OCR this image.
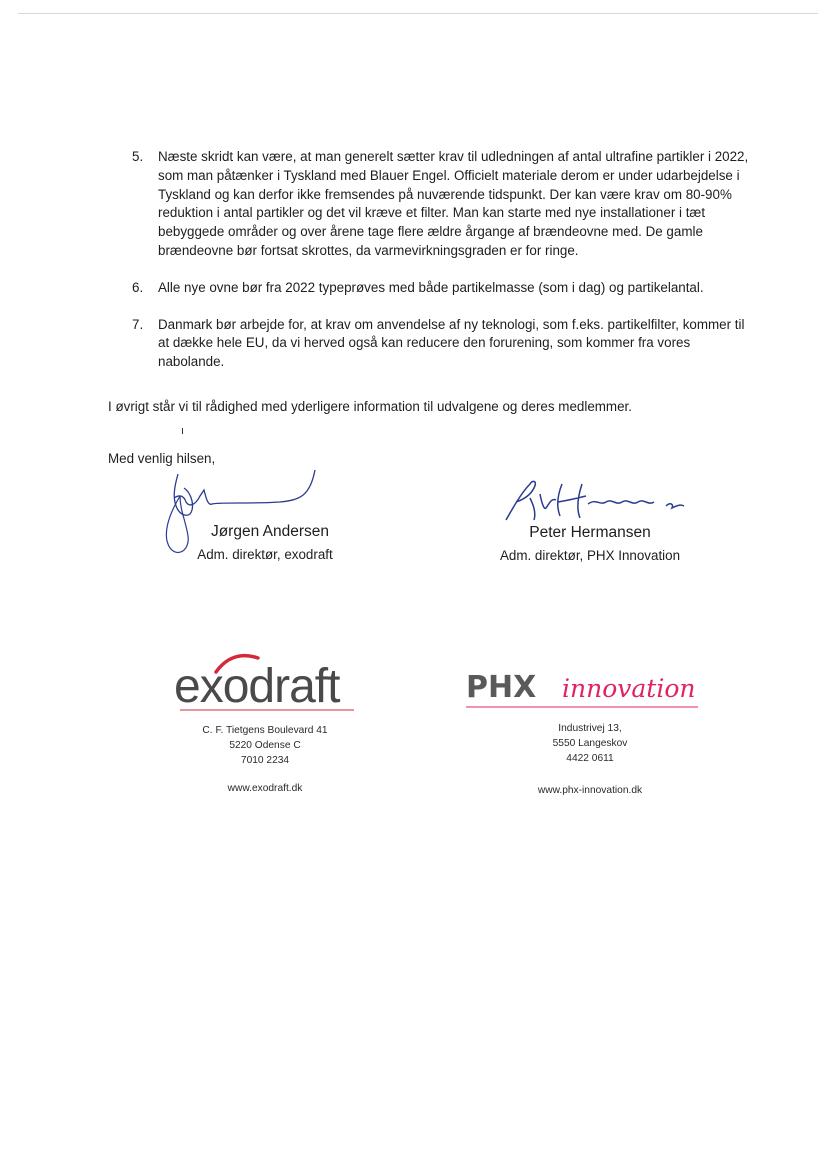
5. Næste skridt kan være, at man generelt sætter krav til udledningen af antal ultrafine partikler i 2022, som man påtænker i Tyskland med Blauer Engel. Officielt materiale derom er under udarbejdelse i Tyskland og kan derfor ikke fremsendes på nuværende tidspunkt. Der kan være krav om 80-90% reduktion i antal partikler og det vil kræve et filter. Man kan starte med nye installationer i tæt bebyggede områder og over årene tage flere ældre årgange af brændeovne med. De gamle brændeovne bør fortsat skrottes, da varmevirkningsgraden er for ringe.
6. Alle nye ovne bør fra 2022 typeprøves med både partikelmasse (som i dag) og partikelantal.
7. Danmark bør arbejde for, at krav om anvendelse af ny teknologi, som f.eks. partikelfilter, kommer til at dække hele EU, da vi herved også kan reducere den forurening, som kommer fra vores nabolande.
I øvrigt står vi til rådighed med yderligere information til udvalgene og deres medlemmer.
Med venlig hilsen,
Jørgen Andersen
Adm. direktør, exodraft
Peter Hermansen
Adm. direktør, PHX Innovation
exodraft	PHX innovation
C. F. Tietgens Boulevard 41
5220 Odense C
7010 2234
Industrivej 13,
5550 Langeskov
4422 0611
www.exodraft.dk	www.phx-innovation.dk
